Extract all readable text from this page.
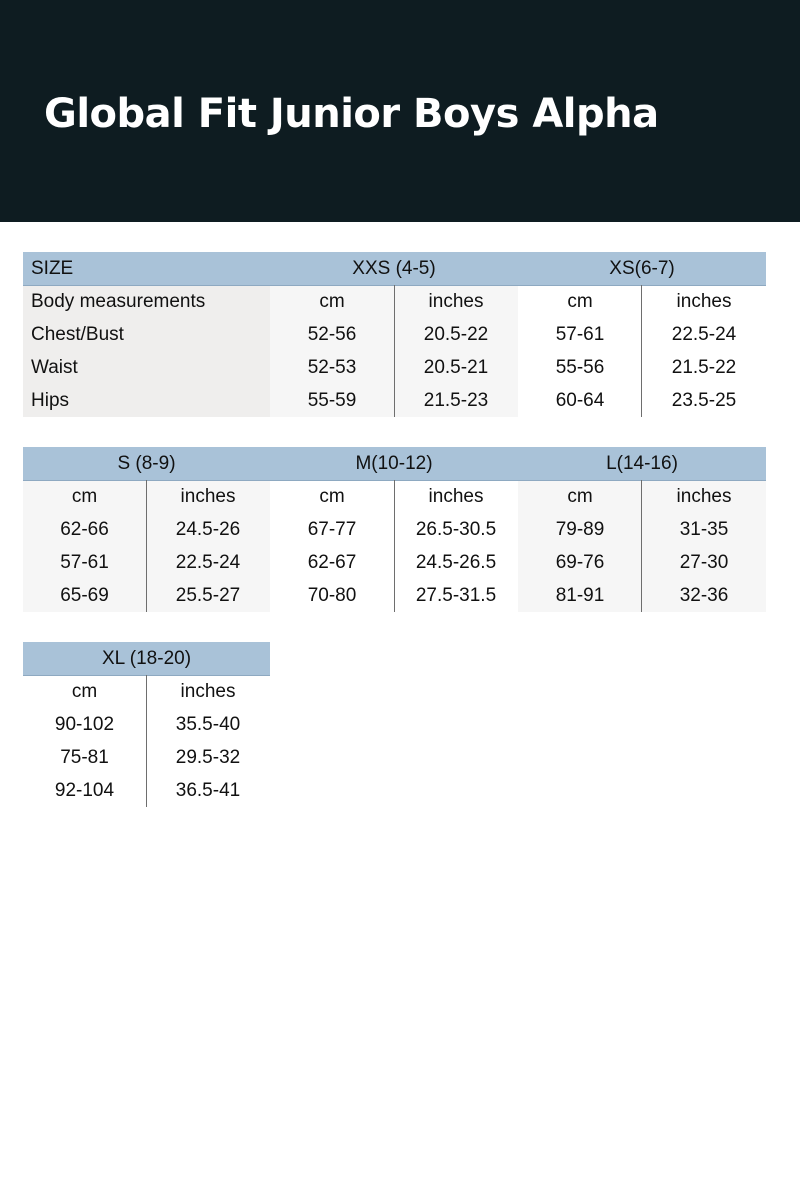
Global Fit Junior Boys Alpha
SIZE	XXS (4-5)	XS(6-7)
Body measurements	cm	inches	cm	inches
Chest/Bust	52-56	20.5-22	57-61	22.5-24
Waist	52-53	20.5-21	55-56	21.5-22
Hips	55-59	21.5-23	60-64	23.5-25
S (8-9)	M(10-12)	L(14-16)
cm	inches	cm	inches	cm	inches
62-66	24.5-26	67-77	26.5-30.5	79-89	31-35
57-61	22.5-24	62-67	24.5-26.5	69-76	27-30
65-69	25.5-27	70-80	27.5-31.5	81-91	32-36
XL (18-20)
cm	inches
90-102	35.5-40
75-81	29.5-32
92-104	36.5-41
